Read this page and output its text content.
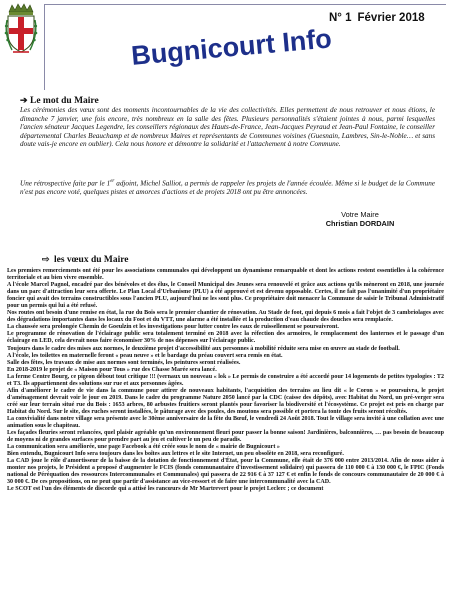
Bugnicourt Info
N° 1 Février 2018
➔ Le mot du Maire
Les cérémonies des vœux sont des moments incontournables de la vie des collectivités. Elles permettent de nous retrouver et nous étions, le dimanche 7 janvier, une fois encore, très nombreux en la salle des fêtes. Plusieurs personnalités s'étaient jointes à nous, parmi lesquelles l'ancien sénateur Jacques Legendre, les conseillers régionaux des Hauts-de-France, Jean-Jacques Peyraud et Jean-Paul Fontaine, le conseiller départemental Charles Beauchamp et de nombreux Maires et représentants de Communes voisines (Guesnain, Lambres, Sin-le-Noble… et sans doute vais-je encore en oublier). Cela nous honore et démontre la solidarité et l'attachement à notre Commune.
Une rétrospective faite par le 1er adjoint, Michel Salliot, a permis de rappeler les projets de l'année écoulée. Même si le budget de la Commune n'est pas encore voté, quelques pistes et amorces d'actions et de projets 2018 ont pu être annoncées.
Votre Maire
Christian DORDAIN
⇨ les vœux du Maire

Les premiers remerciements ont été pour les associations communales qui développent un dynamisme remarquable et dont les actions restent essentielles à la cohérence territoriale et au bien vivre ensemble.

A l'école Marcel Pagnol, encadré par des bénévoles et des élus, le Conseil Municipal des Jeunes sera renouvelé et grâce aux actions qu'ils mèneront en 2018, une journée dans un parc d'attraction leur sera offerte. Le Plan Local d'Urbanisme (PLU) a été approuvé et est devenu opposable. Certes, il ne fait pas l'unanimité d'un propriétaire foncier qui avait des terrains constructibles sous l'ancien PLU, aujourd'hui ne les sont plus. Ce propriétaire doit menacer la Commune de saisir le Tribunal Administratif pour un permis qui lui a été refusé.

Nos routes ont besoin d'une remise en état, la rue du Bois sera le premier chantier de rénovation. Au Stade de foot, qui depuis 6 mois a fait l'objet de 3 cambriolages avec des dégradations importantes dans les locaux du Foot et du VTT, une alarme a été installée et la production d'eau chaude des douches sera remplacée.

La chaussée sera prolongée Chemin de Goeulzin et les investigations pour lutter contre les eaux de ruissellement se poursuivront.

Le programme de rénovation de l'éclairage public sera totalement terminé en 2018 avec la réfection des armoires, le remplacement des lanternes et le passage d'un éclairage en LED, cela devrait nous faire économiser 30% de nos dépenses sur l'éclairage public.

Toujours dans le cadre des mises aux normes, le deuxième projet d'accessibilité aux personnes à mobilité réduite sera mise en œuvre au stade de football.

A l'école, les toilettes en maternelle feront « peau neuve » et le bardage du préau couvert sera remis en état.

Salle des fêtes, les travaux de mise aux normes sont terminés, les peintures seront réalisées.

En 2018-2019 le projet de « Maison pour Tous » rue des Chasse Marée sera lancé.

La ferme Centre Bourg, ce pigeon débout tout critique !!! (vernaux un nouveau « lok » Le permis de construire a été accordé pour 14 logements de petites typologies : T2 et T3. Ils appartiennent des solutions sur rue et aux personnes âgées.

Afin d'améliorer le cadre de vie dans la commune pour attirer de nouveaux habitants, l'acquisition des terrains au lieu dit « le Coron » se poursuivra, le projet d'aménagement devrait voir le jour en 2019. Dans le cadre du programme Nature 2050 lancé par la CDC (caisse des dépôts), avec Habitat du Nord, un pré-verger sera créé sur leur terrain situé rue du Bois : 1653 arbres, 80 arbustes fruitiers seront plantés pour favoriser la biodiversité et l'écosystème. Ce projet est pris en charge par Habitat du Nord. Sur le site, des ruches seront installées, le pâturage avec des poules, des moutons sera possible et portera la tonte des fruits seront récoltés.

La convivialité dans notre village sera présente avec le 30ème anniversaire de la fête du Bœuf, le vendredi 24 Août 2018. Tout le village sera invité à une collation avec une animation sous le chapiteau.

Les façades fleuries seront relancées, quel plaisir agréable qu'un environnement fleuri pour passer la bonne saison! Jardinières, balconnières, … pas besoin de beaucoup de moyens ni de grandes surfaces pour prendre part au jeu et cultiver le un peu de paradis.

La communication sera améliorée, une page Facebook a été créée sous le nom de « mairie de Bugnicourt »

Bien entendu, Bugnicourt Info sera toujours dans les boîtes aux lettres et le site Internet, un peu obsolète en 2018, sera reconfiguré.

La CAD joue le rôle d'amortisseur de la baisse de la dotation de fonctionnement d'État, pour la Commune, elle était de 376 000 entre 2013/2014. Afin de nous aider à monter nos projets, le Président a proposé d'augmenter le FCIS (fonds communautaire d'investissement solidaire) qui passera de 110 000 € à 130 000 €, le FPIC (Fonds national de Péréquation des ressources Intercommunales et Communales) qui passera de 22 916 € à 37 127 € et enfin le fonds de concours communautaire de 20 000 € à 30 000 €. De ces propositions, on ne peut que partir d'assistance au vice-ressort et de faire une intercommunalité avec la CAD.

Le SCOT est l'un des éléments de discorde qui a attisé les rancœurs de Mr Martrevert pour le projet Leclerc ; ce document
